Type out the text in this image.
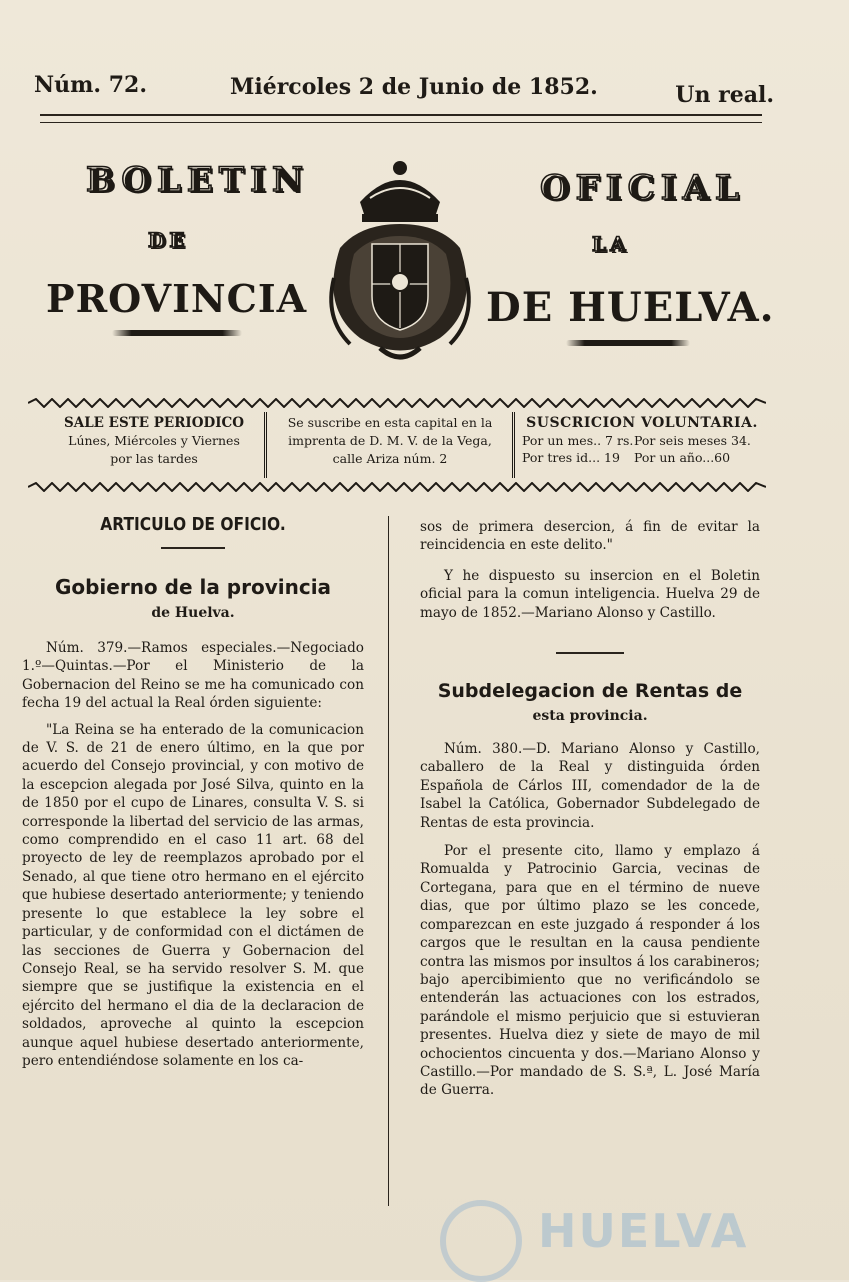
Núm. 72.	Miércoles 2 de Junio de 1852.	Un real.
BOLETIN	OFICIAL
DE	LA
PROVINCIA	DE HUELVA.
SALE ESTE PERIODICO
Lúnes, Miércoles y Viernes
por las tardes
Se suscribe en esta capital en la
imprenta de D. M. V. de la Vega,
calle Ariza núm. 2
SUSCRICION VOLUNTARIA.
Por un mes.. 7 rs. Por seis meses 34.
Por tres id... 19	Por un año...60
ARTICULO DE OFICIO.
Gobierno de la provincia
de Huelva.

Núm. 379.—Ramos especiales.—Negociado 1.º—Quintas.—Por el Ministerio de la Gobernacion del Reino se me ha comunicado con fecha 19 del actual la Real órden siguiente:

"La Reina se ha enterado de la comunicacion de V. S. de 21 de enero último, en la que por acuerdo del Consejo provincial, y con motivo de la escepcion alegada por José Silva, quinto en la de 1850 por el cupo de Linares, consulta V. S. si corresponde la libertad del servicio de las armas, como comprendido en el caso 11 art. 68 del proyecto de ley de reemplazos aprobado por el Senado, al que tiene otro hermano en el ejército que hubiese desertado anteriormente; y teniendo presente lo que establece la ley sobre el particular, y de conformidad con el dictámen de las secciones de Guerra y Gobernacion del Consejo Real, se ha servido resolver S. M. que siempre que se justifique la existencia en el ejército del hermano el dia de la declaracion de soldados, aproveche al quinto la escepcion aunque aquel hubiese desertado anteriormente, pero entendiéndose solamente en los ca-

sos de primera desercion, á fin de evitar la reincidencia en este delito."

Y he dispuesto su insercion en el Boletin oficial para la comun inteligencia. Huelva 29 de mayo de 1852.—Mariano Alonso y Castillo.

Subdelegacion de Rentas de
esta provincia.

Núm. 380.—D. Mariano Alonso y Castillo, caballero de la Real y distinguida órden Española de Cárlos III, comendador de la de Isabel la Católica, Gobernador Subdelegado de Rentas de esta provincia.

Por el presente cito, llamo y emplazo á Romualda y Patrocinio Garcia, vecinas de Cortegana, para que en el término de nueve dias, que por último plazo se les concede, comparezcan en este juzgado á responder á los cargos que le resultan en la causa pendiente contra las mismos por insultos á los carabineros; bajo apercibimiento que no verificándolo se entenderán las actuaciones con los estrados, parándole el mismo perjuicio que si estuvieran presentes. Huelva diez y siete de mayo de mil ochocientos cincuenta y dos.—Mariano Alonso y Castillo.—Por mandado de S. S.ª, L. José María de Guerra.

HUELVA
